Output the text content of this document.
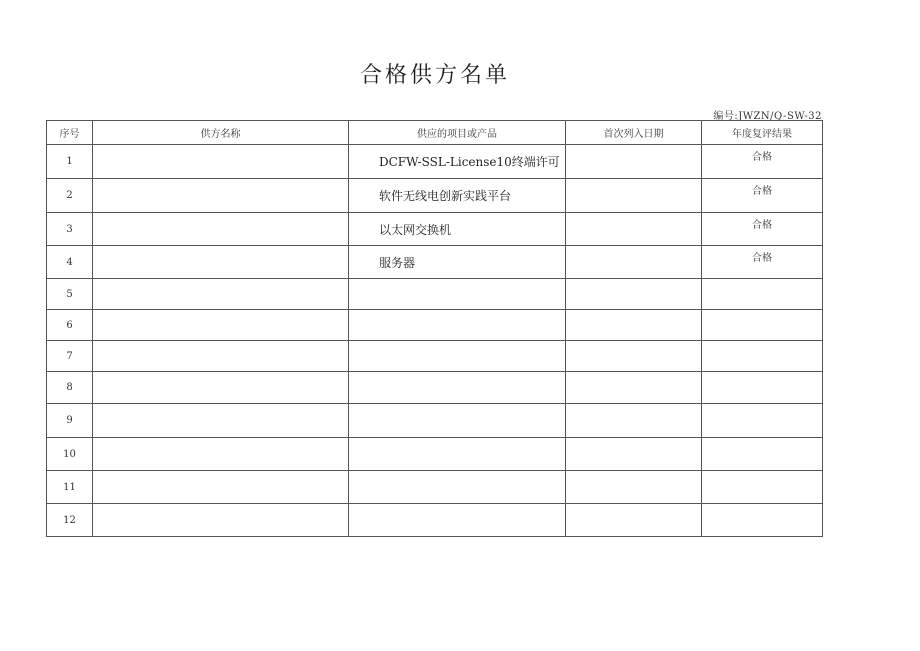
合格供方名单
编号:JWZN/Q-SW-32
序号	供方名称	供应的项目或产品	首次列入日期	年度复评结果
1		DCFW-SSL-License10终端许可		合格
2		软件无线电创新实践平台		合格
3		以太网交换机		合格
4		服务器		合格
5				
6				
7				
8				
9				
10				
11				
12				
